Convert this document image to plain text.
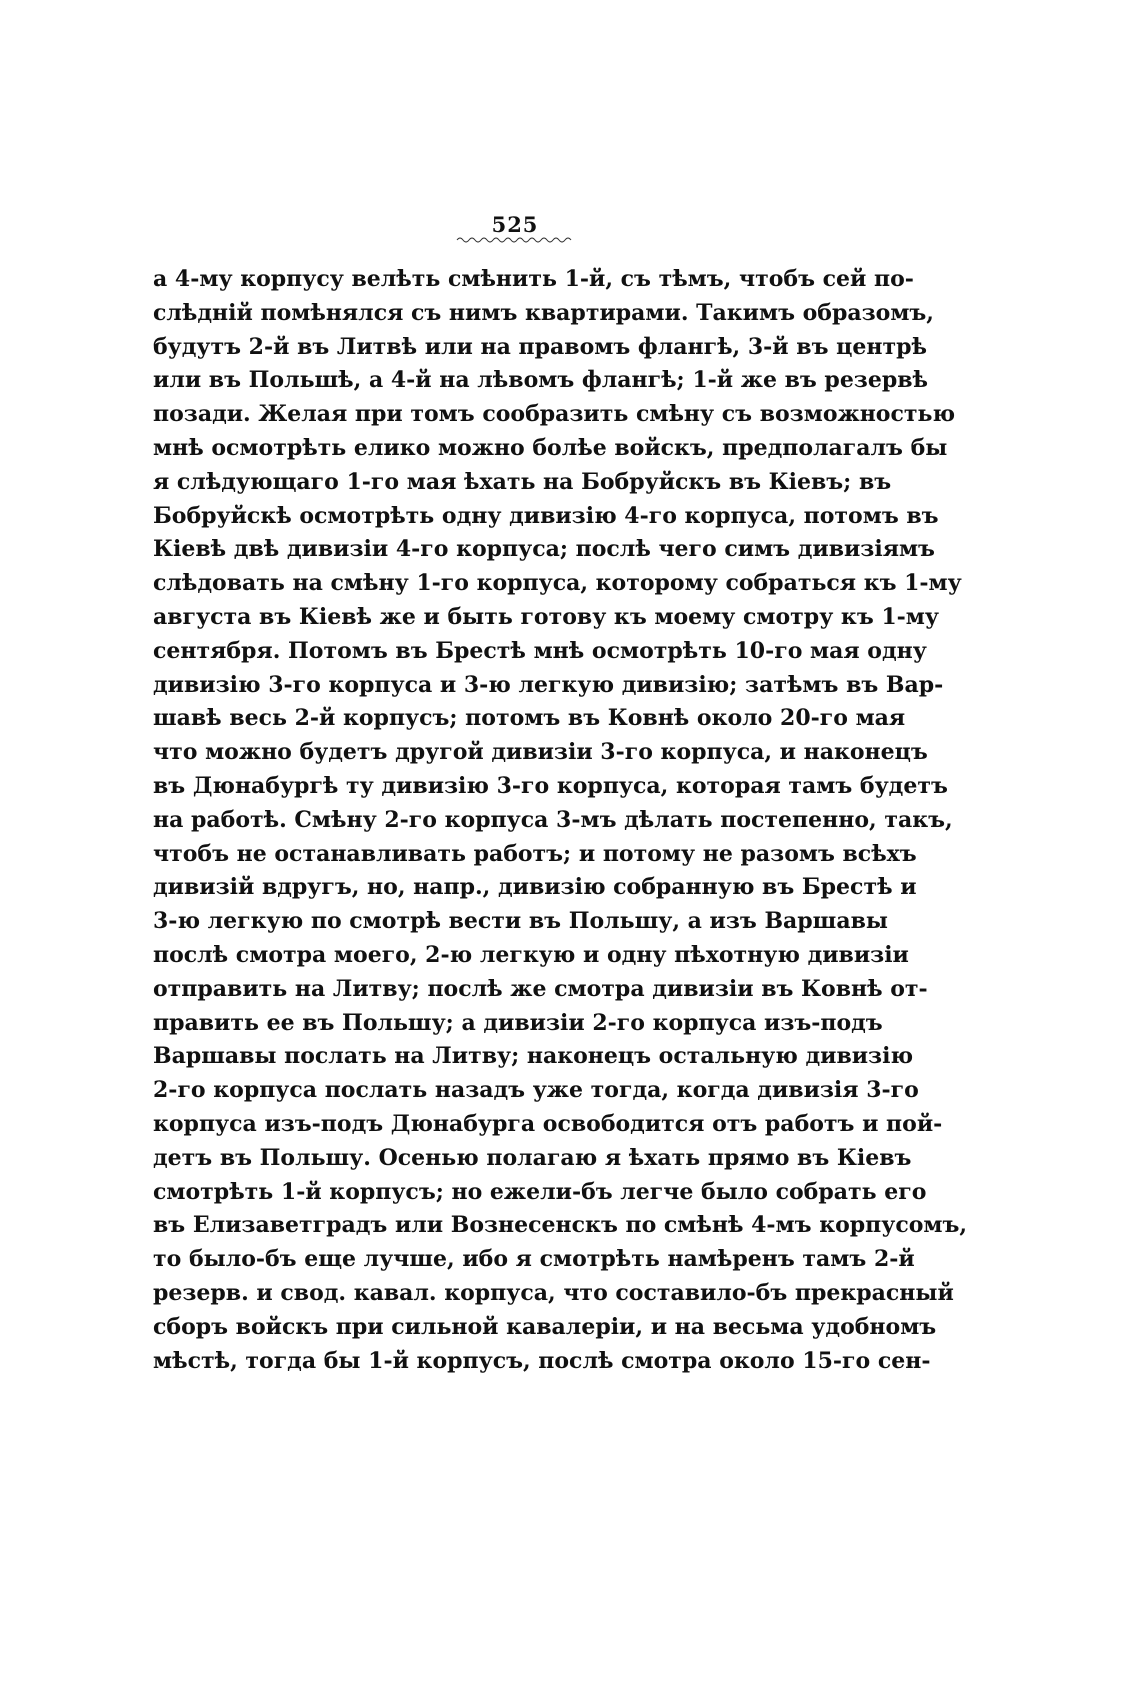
525
а 4-му корпусу велѣть смѣнить 1-й, съ тѣмъ, чтобъ сей по-
слѣдній помѣнялся съ нимъ квартирами. Такимъ образомъ,
будутъ 2-й въ Литвѣ или на правомъ флангѣ, 3-й въ центрѣ
или въ Польшѣ, а 4-й на лѣвомъ флангѣ; 1-й же въ резервѣ
позади. Желая при томъ сообразить смѣну съ возможностью
мнѣ осмотрѣть елико можно болѣе войскъ, предполагалъ бы
я слѣдующаго 1-го мая ѣхать на Бобруйскъ въ Кіевъ; въ
Бобруйскѣ осмотрѣть одну дивизію 4-го корпуса, потомъ въ
Кіевѣ двѣ дивизіи 4-го корпуса; послѣ чего симъ дивизіямъ
слѣдовать на смѣну 1-го корпуса, которому собраться къ 1-му
августа въ Кіевѣ же и быть готову къ моему смотру къ 1-му
сентября. Потомъ въ Брестѣ мнѣ осмотрѣть 10-го мая одну
дивизію 3-го корпуса и 3-ю легкую дивизію; затѣмъ въ Вар-
шавѣ весь 2-й корпусъ; потомъ въ Ковнѣ около 20-го мая
что можно будетъ другой дивизіи 3-го корпуса, и наконецъ
въ Дюнабургѣ ту дивизію 3-го корпуса, которая тамъ будетъ
на работѣ. Смѣну 2-го корпуса 3-мъ дѣлать постепенно, такъ,
чтобъ не останавливать работъ; и потому не разомъ всѣхъ
дивизій вдругъ, но, напр., дивизію собранную въ Брестѣ и
3-ю легкую по смотрѣ вести въ Польшу, а изъ Варшавы
послѣ смотра моего, 2-ю легкую и одну пѣхотную дивизіи
отправить на Литву; послѣ же смотра дивизіи въ Ковнѣ от-
править ее въ Польшу; а дивизіи 2-го корпуса изъ-подъ
Варшавы послать на Литву; наконецъ остальную дивизію
2-го корпуса послать назадъ уже тогда, когда дивизія 3-го
корпуса изъ-подъ Дюнабурга освободится отъ работъ и пой-
детъ въ Польшу. Осенью полагаю я ѣхать прямо въ Кіевъ
смотрѣть 1-й корпусъ; но ежели-бъ легче было собрать его
въ Елизаветградъ или Вознесенскъ по смѣнѣ 4-мъ корпусомъ,
то было-бъ еще лучше, ибо я смотрѣть намѣренъ тамъ 2-й
резерв. и свод. кавал. корпуса, что составило-бъ прекрасный
сборъ войскъ при сильной кавалеріи, и на весьма удобномъ
мѣстѣ, тогда бы 1-й корпусъ, послѣ смотра около 15-го сен-
